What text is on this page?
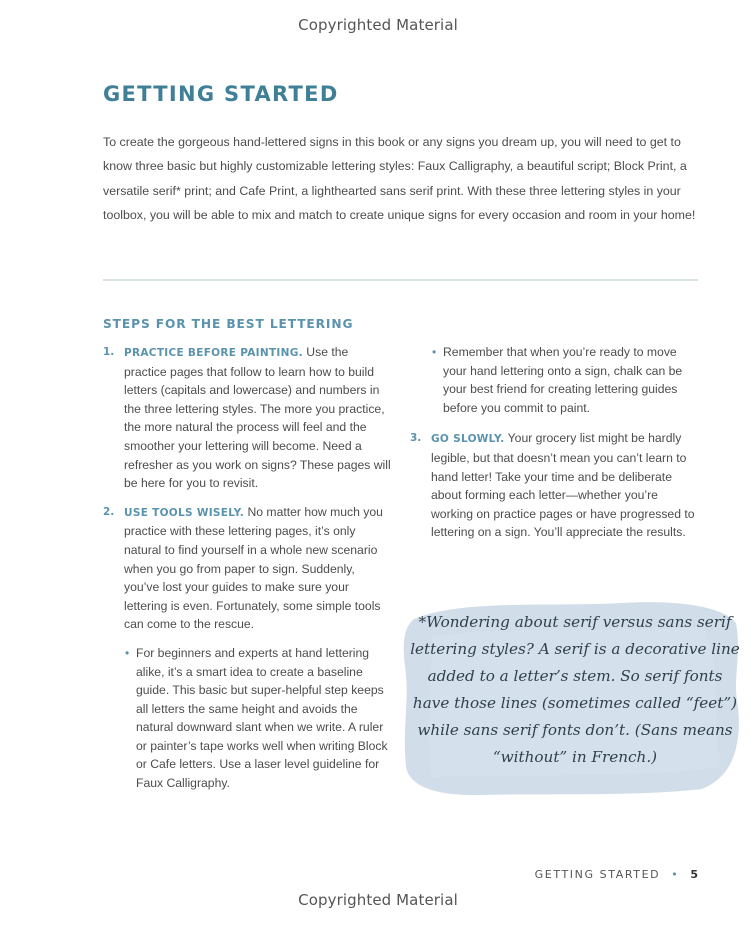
Copyrighted Material
GETTING STARTED

To create the gorgeous hand-lettered signs in this book or any signs you dream up, you will need to get to know three basic but highly customizable lettering styles: Faux Calligraphy, a beautiful script; Block Print, a versatile serif* print; and Cafe Print, a lighthearted sans serif print. With these three lettering styles in your toolbox, you will be able to mix and match to create unique signs for every occasion and room in your home!

STEPS FOR THE BEST LETTERING

1. PRACTICE BEFORE PAINTING. Use the practice pages that follow to learn how to build letters (capitals and lowercase) and numbers in the three lettering styles. The more you practice, the more natural the process will feel and the smoother your lettering will become. Need a refresher as you work on signs? These pages will be here for you to revisit.

2. USE TOOLS WISELY. No matter how much you practice with these lettering pages, it’s only natural to find yourself in a whole new scenario when you go from paper to sign. Suddenly, you’ve lost your guides to make sure your lettering is even. Fortunately, some simple tools can come to the rescue.

• For beginners and experts at hand lettering alike, it’s a smart idea to create a baseline guide. This basic but super-helpful step keeps all letters the same height and avoids the natural downward slant when we write. A ruler or painter’s tape works well when writing Block or Cafe letters. Use a laser level guideline for Faux Calligraphy.

• Remember that when you’re ready to move your hand lettering onto a sign, chalk can be your best friend for creating lettering guides before you commit to paint.

3. GO SLOWLY. Your grocery list might be hardly legible, but that doesn’t mean you can’t learn to hand letter! Take your time and be deliberate about forming each letter—whether you’re working on practice pages or have progressed to lettering on a sign. You’ll appreciate the results.

*Wondering about serif versus sans serif lettering styles? A serif is a decorative line added to a letter’s stem. So serif fonts have those lines (sometimes called “feet”) while sans serif fonts don’t. (Sans means “without” in French.)

GETTING STARTED • 5
Copyrighted Material
